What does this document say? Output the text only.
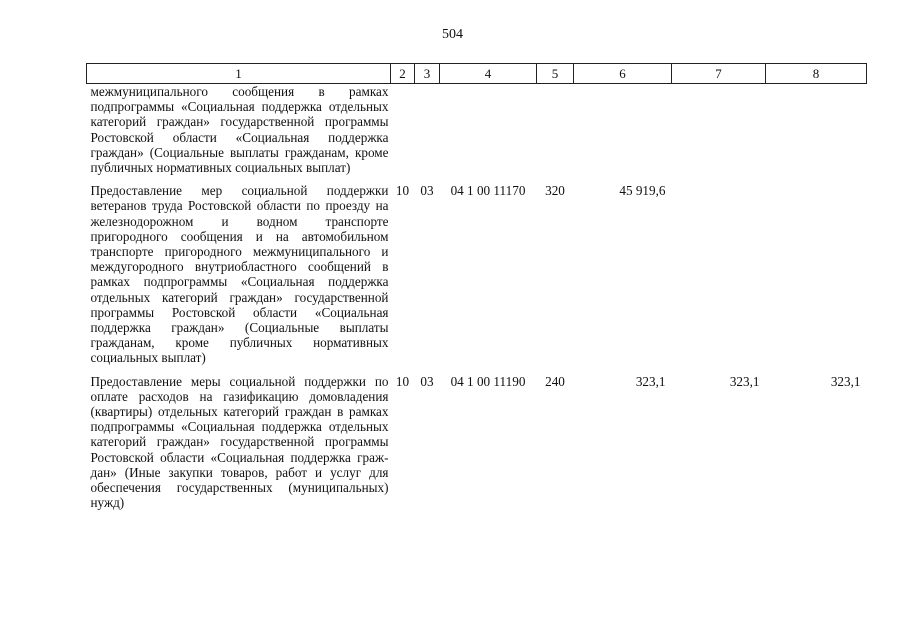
504
1	2	3	4	5	6	7	8
межмуниципального сообщения в рамках подпрограммы «Социальная поддержка отдельных категорий граждан» государственной программы Ростовской области «Социальная поддержка граждан» (Социальные выплаты гражданам, кроме публичных нормативных социальных выплат)							

Предоставление мер социальной поддержки ветеранов труда Ростовской области по проезду на железнодорожном и водном транспорте пригородного сообщения и на автомобильном транспорте пригородного межмуниципального и междугородного внутриобластного сообщений в рамках подпрограммы «Социальная поддержка отдельных категорий граждан» государственной программы Ростовской области «Социальная поддержка граждан» (Социальные выплаты гражданам, кроме публичных нормативных социальных выплат)	10	03	04 1 00 11170	320	45 919,6		

Предоставление меры социальной поддержки по оплате расходов на газификацию домовладения (квартиры) отдельных категорий граждан в рамках подпрограммы «Социальная поддержка отдельных категорий граждан» государственной программы Ростовской области «Социальная поддержка граждан» (Иные закупки товаров, работ и услуг для обеспечения государственных (муниципальных) нужд)	10	03	04 1 00 11190	240	323,1	323,1	323,1
